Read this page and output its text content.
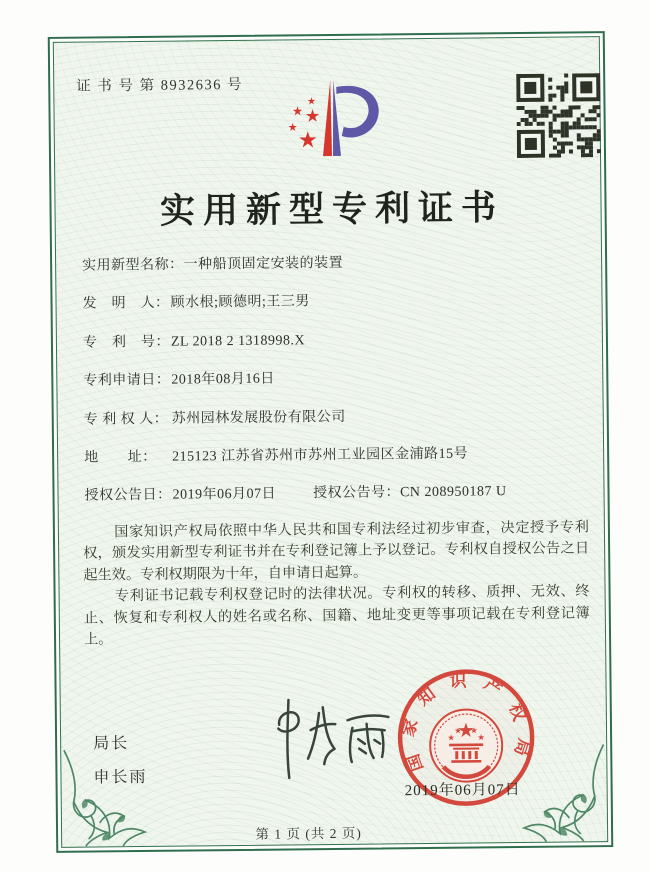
证 书 号 第 8932636 号
实用新型专利证书
实用新型名称： 一种船顶固定安装的装置
发　明　人： 顾水根;顾德明;王三男
专　利　号： ZL 2018 2 1318998.X
专利申请日： 2018年08月16日
专 利 权 人： 苏州园林发展股份有限公司
地　　址：	215123 江苏省苏州市苏州工业园区金浦路15号
授权公告日： 2019年06月07日	授权公告号： CN 208950187 U

国家知识产权局依照中华人民共和国专利法经过初步审查，决定授予专利权，颁发实用新型专利证书并在专利登记簿上予以登记。专利权自授权公告之日起生效。专利权期限为十年，自申请日起算。

专利证书记载专利权登记时的法律状况。专利权的转移、质押、无效、终止、恢复和专利权人的姓名或名称、国籍、地址变更等事项记载在专利登记簿上。

局长
申长雨
国家知识产权局
2019年06月07日
第 1 页 (共 2 页)
